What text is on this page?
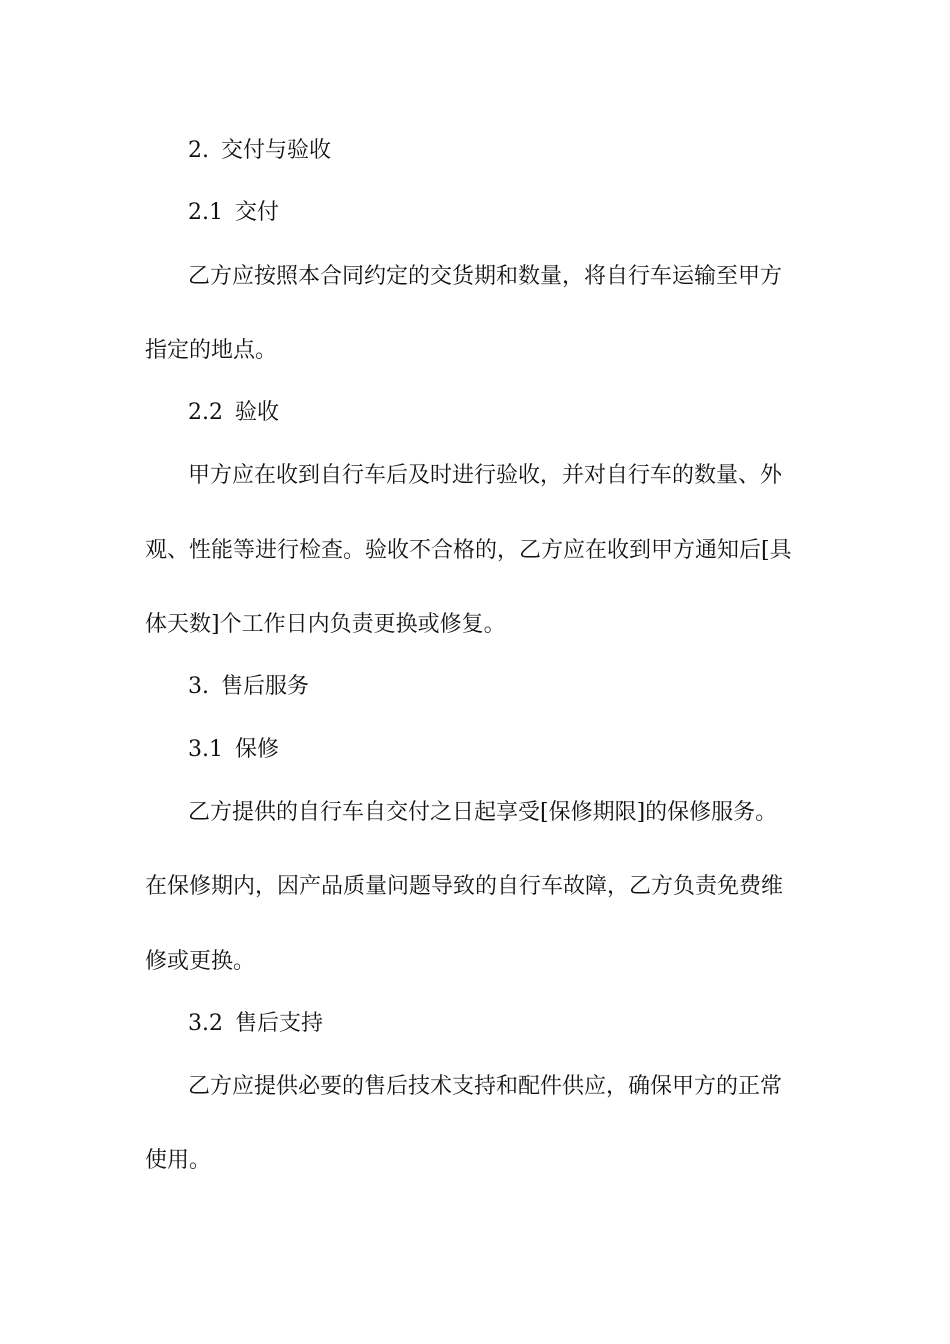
2. 交付与验收

2.1 交付

乙方应按照本合同约定的交货期和数量，将自行车运输至甲方

指定的地点。

2.2 验收

甲方应在收到自行车后及时进行验收，并对自行车的数量、外

观、性能等进行检查。验收不合格的，乙方应在收到甲方通知后[具

体天数]个工作日内负责更换或修复。

3. 售后服务

3.1 保修

乙方提供的自行车自交付之日起享受[保修期限]的保修服务。

在保修期内，因产品质量问题导致的自行车故障，乙方负责免费维

修或更换。

3.2 售后支持

乙方应提供必要的售后技术支持和配件供应，确保甲方的正常

使用。
